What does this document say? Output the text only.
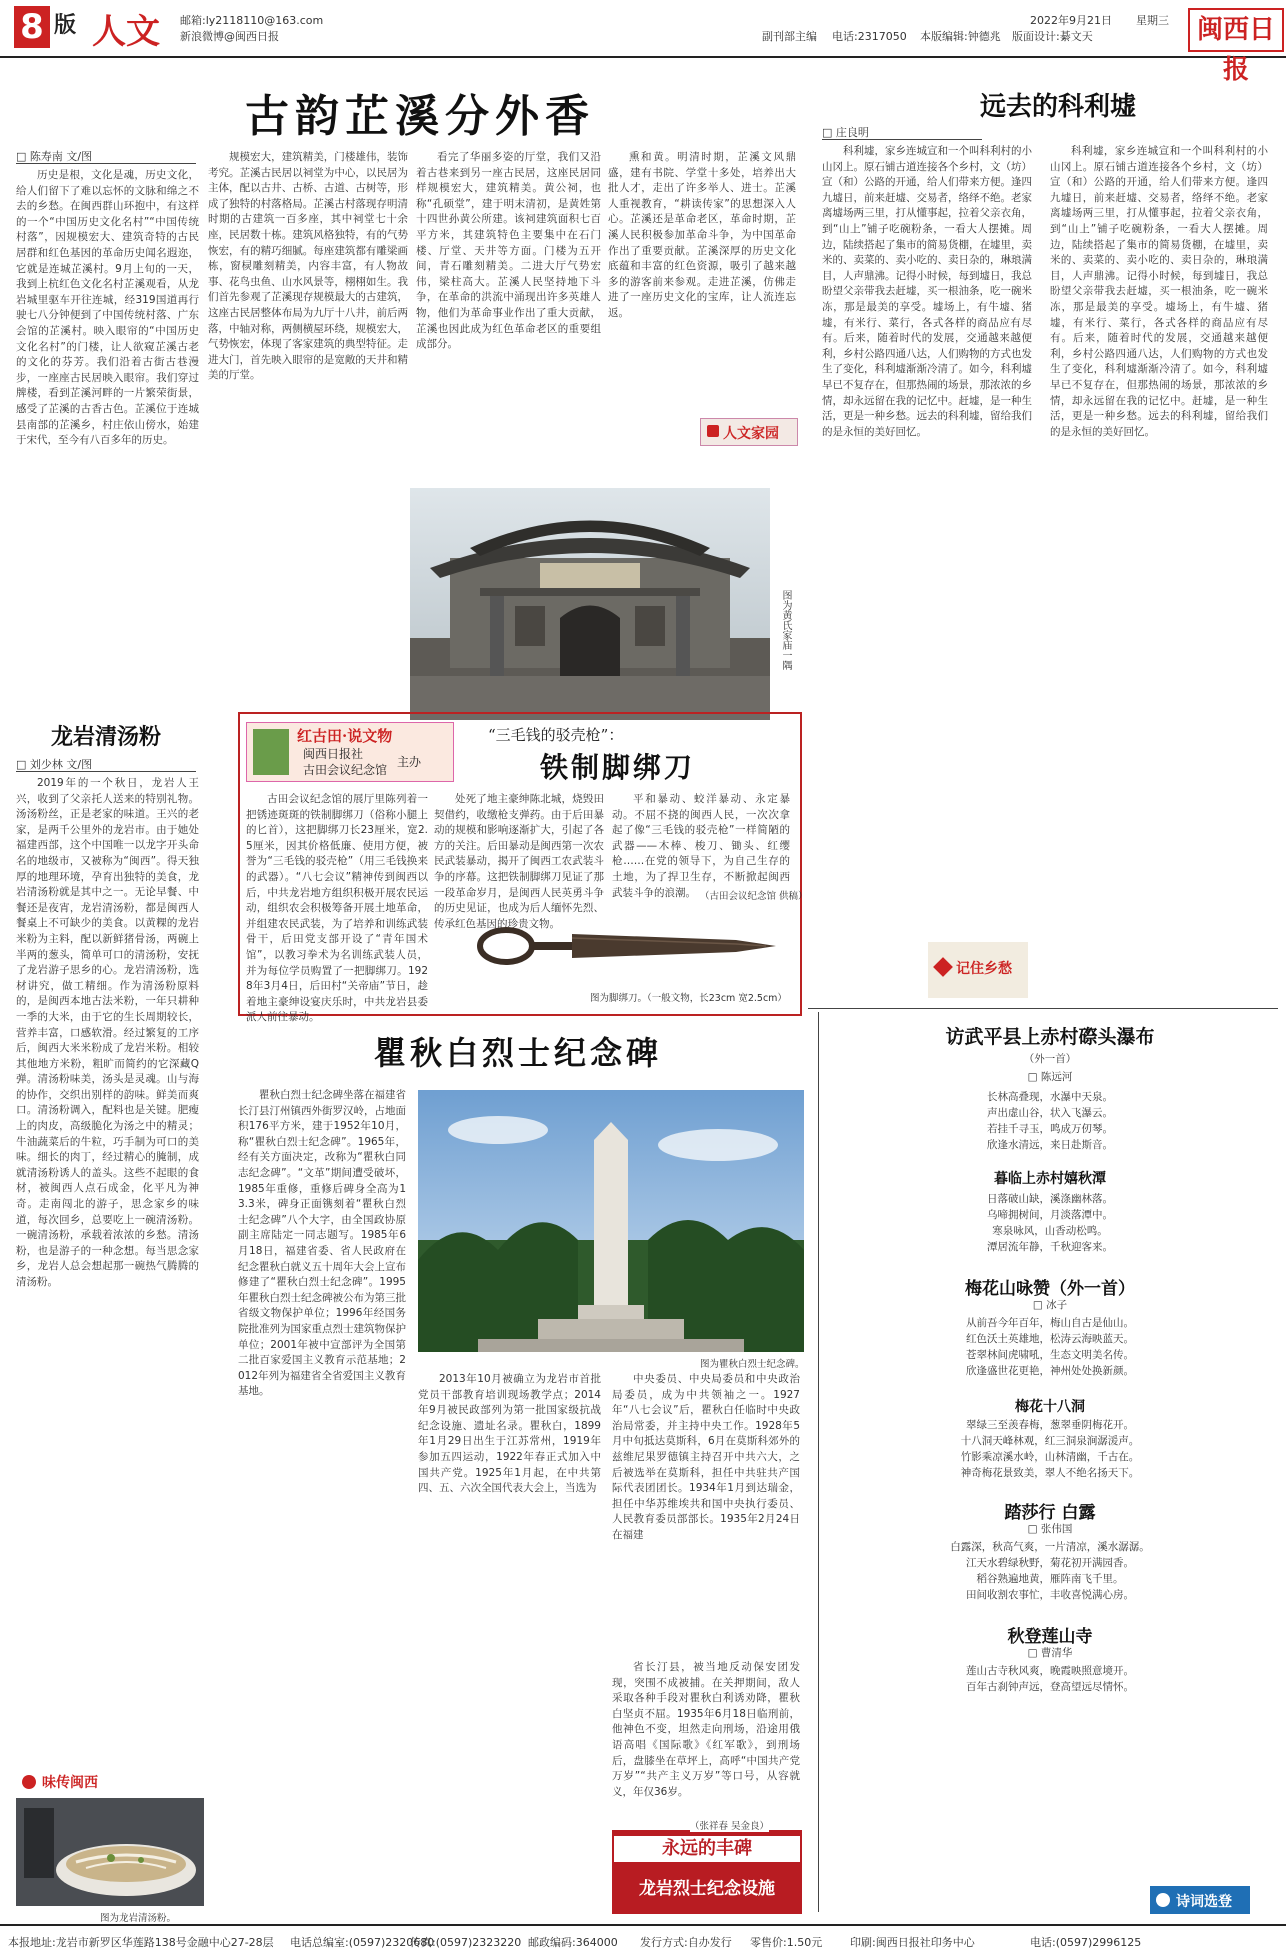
8 版 人文 邮箱:ly2118110@163.com
新浪微博@闽西日报	副刊部主编 电话:2317050 本版编辑:钟德兆 版面设计:綦文天
2022年9月21日 星期三	闽西日报
古韵芷溪分外香
□ 陈寿南 文/图

历史是根，文化是魂，历史文化，给人们留下了难以忘怀的文脉和绵之不去的乡愁。在闽西群山环抱中，有这样的一个“中国历史文化名村”“中国传统村落”，因规模宏大、建筑奇特的古民居群和红色基因的革命历史闻名遐迩，它就是连城芷溪村。9月上旬的一天，我到上杭红色文化名村芷溪观看，从龙岩城里驱车开往连城，经319国道再行驶七八分钟便到了中国传统村落、广东会馆的芷溪村。映入眼帘的“中国历史文化名村”的门楼，让人欲窥芷溪古老的文化的芬芳。我们沿着古街古巷漫步，一座座古民居映入眼帘。我们穿过牌楼，看到芷溪河畔的一片繁荣街景，感受了芷溪的古香古色。芷溪位于连城县南部的芷溪乡，村庄依山傍水，始建于宋代，至今有八百多年的历史。

规模宏大，建筑精美，门楼雄伟，装饰考究。芷溪古民居以祠堂为中心，以民居为主体，配以古井、古桥、古道、古树等，形成了独特的村落格局。芷溪古村落现存明清时期的古建筑一百多座，其中祠堂七十余座，民居数十栋。建筑风格独特，有的气势恢宏，有的精巧细腻。每座建筑都有雕梁画栋，窗棂雕刻精美，内容丰富，有人物故事、花鸟虫鱼、山水风景等，栩栩如生。我们首先参观了芷溪现存规模最大的古建筑，这座古民居整体布局为九厅十八井，前后两落，中轴对称，两侧横屋环绕，规模宏大，气势恢宏，体现了客家建筑的典型特征。走进大门，首先映入眼帘的是宽敞的天井和精美的厅堂。

看完了华丽多姿的厅堂，我们又沿着古巷来到另一座古民居，这座民居同样规模宏大，建筑精美。黄公祠，也称“孔硕堂”，建于明末清初，是黄姓第十四世孙黄公所建。该祠建筑面积七百平方米，其建筑特色主要集中在石门楼、厅堂、天井等方面。门楼为五开间，青石雕刻精美。二进大厅气势宏伟，梁柱高大。芷溪人民坚持地下斗争，在革命的洪流中涌现出许多英雄人物，他们为革命事业作出了重大贡献，芷溪也因此成为红色革命老区的重要组成部分。

熏和黄。明清时期，芷溪文风鼎盛，建有书院、学堂十多处，培养出大批人才，走出了许多举人、进士。芷溪人重视教育，“耕读传家”的思想深入人心。芷溪还是革命老区，革命时期，芷溪人民积极参加革命斗争，为中国革命作出了重要贡献。芷溪深厚的历史文化底蕴和丰富的红色资源，吸引了越来越多的游客前来参观。走进芷溪，仿佛走进了一座历史文化的宝库，让人流连忘返。

人文家园
图为黄氏家庙一隅
远去的科利墟
□ 庄良明

科利墟，家乡连城宣和一个叫科利村的小山冈上。原石铺古道连接各个乡村，文（坊）宣（和）公路的开通，给人们带来方便。逢四九墟日，前来赶墟、交易者，络绎不绝。老家离墟场两三里，打从懂事起，拉着父亲衣角，到“山上”铺子吃碗粉条，一看大人摆摊。周边，陆续搭起了集市的简易货棚，在墟里，卖米的、卖菜的、卖小吃的、卖日杂的，琳琅满目，人声鼎沸。记得小时候，每到墟日，我总盼望父亲带我去赶墟，买一根油条，吃一碗米冻，那是最美的享受。墟场上，有牛墟、猪墟，有米行、菜行，各式各样的商品应有尽有。后来，随着时代的发展，交通越来越便利，乡村公路四通八达，人们购物的方式也发生了变化，科利墟渐渐冷清了。如今，科利墟早已不复存在，但那热闹的场景，那浓浓的乡情，却永远留在我的记忆中。赶墟，是一种生活，更是一种乡愁。远去的科利墟，留给我们的是永恒的美好回忆。

科利墟，家乡连城宣和一个叫科利村的小山冈上。原石铺古道连接各个乡村，文（坊）宣（和）公路的开通，给人们带来方便。逢四九墟日，前来赶墟、交易者，络绎不绝。老家离墟场两三里，打从懂事起，拉着父亲衣角，到“山上”铺子吃碗粉条，一看大人摆摊。周边，陆续搭起了集市的简易货棚，在墟里，卖米的、卖菜的、卖小吃的、卖日杂的，琳琅满目，人声鼎沸。记得小时候，每到墟日，我总盼望父亲带我去赶墟，买一根油条，吃一碗米冻，那是最美的享受。墟场上，有牛墟、猪墟，有米行、菜行，各式各样的商品应有尽有。后来，随着时代的发展，交通越来越便利，乡村公路四通八达，人们购物的方式也发生了变化，科利墟渐渐冷清了。如今，科利墟早已不复存在，但那热闹的场景，那浓浓的乡情，却永远留在我的记忆中。赶墟，是一种生活，更是一种乡愁。远去的科利墟，留给我们的是永恒的美好回忆。

记住乡愁
龙岩清汤粉
□ 刘少林 文/图

2019年的一个秋日，龙岩人王兴，收到了父亲托人送来的特别礼物。汤汤粉丝，正是老家的味道。王兴的老家，是两千公里外的龙岩市。由于她处福建西部，这个中国唯一以龙字开头命名的地级市，又被称为“闽西”。得天独厚的地理环境，孕育出独特的美食，龙岩清汤粉就是其中之一。无论早餐、中餐还是夜宵，龙岩清汤粉，都是闽西人餐桌上不可缺少的美食。以黄粿的龙岩米粉为主料，配以新鲜猪骨汤，两碗上半两的葱头，简单可口的清汤粉，安抚了龙岩游子思乡的心。龙岩清汤粉，选材讲究，做工精细。作为清汤粉原料的，是闽西本地古法米粉，一年只耕种一季的大米，由于它的生长周期较长，营养丰富，口感软滑。经过繁复的工序后，闽西大米米粉成了龙岩米粉。相较其他地方米粉，粗旷而简约的它深藏Q弹。清汤粉味美，汤头是灵魂。山与海的协作，交织出别样的韵味。鲜美而爽口。清汤粉调入，配料也是关键。肥瘦上的肉皮，高级脆化为汤之中的精灵；牛油蔬菜后的牛粒，巧手制为可口的美味。细长的肉丁，经过精心的腌制，成就清汤粉诱人的盖头。这些不起眼的食材，被闽西人点石成金，化平凡为神奇。走南闯北的游子，思念家乡的味道，每次回乡，总要吃上一碗清汤粉。一碗清汤粉，承载着浓浓的乡愁。清汤粉，也是游子的一种念想。每当思念家乡，龙岩人总会想起那一碗热气腾腾的清汤粉。

味传闽西
图为龙岩清汤粉。
红古田·说文物
闽西日报社
古田会议纪念馆
主办
“三毛钱的驳壳枪”：
铁制脚绑刀

古田会议纪念馆的展厅里陈列着一把锈迹斑斑的铁制脚绑刀（俗称小腿上的匕首），这把脚绑刀长23厘米，宽2.5厘米，因其价格低廉、使用方便，被誉为“三毛钱的驳壳枪”（用三毛钱换来的武器）。“八七会议”精神传到闽西以后，中共龙岩地方组织积极开展农民运动，组织农会积极筹备开展土地革命，并组建农民武装，为了培养和训练武装骨干，后田党支部开设了“青年国术馆”，以教习拳术为名训练武装人员，并为每位学员购置了一把脚绑刀。1928年3月4日，后田村“关帝庙”节日，趁着地主豪绅设宴庆乐时，中共龙岩县委派人前往暴动。

处死了地主豪绅陈北城，烧毁田契借约，收缴枪支弹药。由于后田暴动的规模和影响逐渐扩大，引起了各方的关注。后田暴动是闽西第一次农民武装暴动，揭开了闽西工农武装斗争的序幕。这把铁制脚绑刀见证了那一段革命岁月，是闽西人民英勇斗争的历史见证，也成为后人缅怀先烈、传承红色基因的珍贵文物。

平和暴动、蛟洋暴动、永定暴动。不屈不挠的闽西人民，一次次拿起了像“三毛钱的驳壳枪”一样简陋的武器——木棒、梭刀、锄头、红缨枪……在党的领导下，为自己生存的土地，为了捍卫生存，不断掀起闽西武装斗争的浪潮。 （古田会议纪念馆 供稿）
图为脚绑刀。（一般文物，长23cm 宽2.5cm）
瞿秋白烈士纪念碑

瞿秋白烈士纪念碑坐落在福建省长汀县汀州镇西外街罗汉岭，占地面积176平方米，建于1952年10月，称“瞿秋白烈士纪念碑”。1965年，经有关方面决定，改称为“瞿秋白同志纪念碑”。“文革”期间遭受破坏，1985年重修，重修后碑身全高为13.3米，碑身正面镌刻着“瞿秋白烈士纪念碑”八个大字，由全国政协原副主席陆定一同志题写。1985年6月18日，福建省委、省人民政府在纪念瞿秋白就义五十周年大会上宣布修建了“瞿秋白烈士纪念碑”。1995年瞿秋白烈士纪念碑被公布为第三批省级文物保护单位；1996年经国务院批准列为国家重点烈士建筑物保护单位；2001年被中宣部评为全国第二批百家爱国主义教育示范基地；2012年列为福建省全省爱国主义教育基地。

图为瞿秋白烈士纪念碑。

2013年10月被确立为龙岩市首批党员干部教育培训现场教学点；2014年9月被民政部列为第一批国家级抗战纪念设施、遗址名录。瞿秋白，1899年1月29日出生于江苏常州，1919年参加五四运动，1922年春正式加入中国共产党。1925年1月起，在中共第四、五、六次全国代表大会上，当选为

中央委员、中央局委员和中央政治局委员，成为中共领袖之一。1927年“八七会议”后，瞿秋白任临时中央政治局常委，并主持中央工作。1928年5月中旬抵达莫斯科，6月在莫斯科郊外的兹维尼果罗德镇主持召开中共六大，之后被选举在莫斯科，担任中共驻共产国际代表团团长。1934年1月到达瑞金，担任中华苏维埃共和国中央执行委员、人民教育委员部部长。1935年2月24日在福建

永远的丰碑
龙岩烈士纪念设施
访武平县上赤村磜头瀑布
（外一首）
□ 陈远河
长林高叠现，水瀑中天泉。
声出虚山谷，状入飞瀑云。
若挂千寻玉，鸣成万仞琴。
欣逢水清远，来日赴斯音。
暮临上赤村嬉秋潭
日落破山缺，溪涤幽林落。
乌啼拥树间，月淡落潭中。
寒泉咏风，山香动松鸣。
潭居流年静，千秋迎客来。
梅花山咏赞（外一首）
□ 冰子
从前吾今年百年，梅山自古是仙山。
红色沃土英雄地，松涛云海映蓝天。
苍翠林间虎啸吼，生态文明美名传。
欣逢盛世花更艳，神州处处换新颜。
梅花十八洞
翠绿三至羡春梅，葱翠垂阴梅花开。
十八洞天峰林观，红三洞泉涧潺湲声。
竹影乘凉溪水岭，山林清幽，千古在。
神奇梅花景致美，翠人不绝名扬天下。
踏莎行 白露
□ 张伟国
白露深，秋高气爽，一片清凉，溪水潺潺。
江天水碧绿秋野，菊花初开满园香。
稻谷熟遍地黄，雁阵南飞千里。
田间收割农事忙，丰收喜悦满心房。
秋登莲山寺
□ 曹清华
莲山古寺秋风爽，晚霞映照意境开。
百年古刹钟声远，登高望远尽情怀。
诗词选登
本报地址:龙岩市新罗区华莲路138号金融中心27-28层 电话总编室:(0597)2320680
传真:(0597)2323220 邮政编码:364000 发行方式:自办发行 零售价:1.50元	印刷:闽西日报社印务中心	电话:(0597)2996125

省长汀县，被当地反动保安团发现，突围不成被捕。在关押期间，敌人采取各种手段对瞿秋白利诱劝降，瞿秋白坚贞不屈。1935年6月18日临刑前，他神色不变，坦然走向刑场，沿途用俄语高唱《国际歌》《红军歌》，到刑场后，盘膝坐在草坪上，高呼“中国共产党万岁”“共产主义万岁”等口号，从容就义，年仅36岁。

（张祥春 吴金良）
